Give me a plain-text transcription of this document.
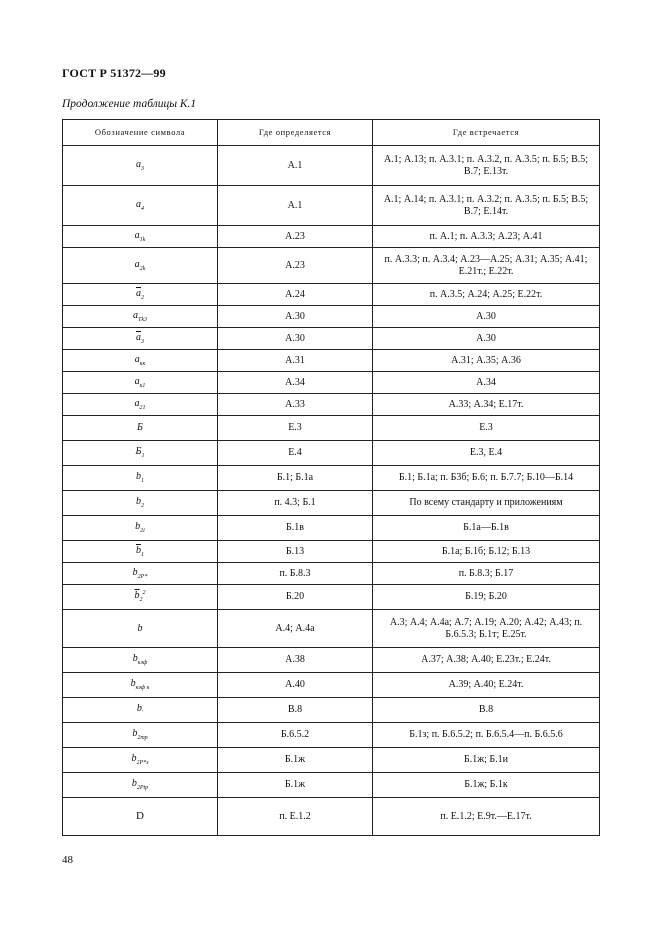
ГОСТ Р 51372—99
Продолжение таблицы К.1
Обозначение символа	Где определяется	Где встречается
$a_3$	А.1	А.1; А.13; п. А.3.1; п. А.3.2, п. А.3.5; п. Б.5; В.5; В.7; Е.13т.
$a_4$	А.1	А.1; А.14; п. А.3.1; п. А.3.2; п. А.3.5; п. Б.5; В.5; В.7; Е.14т.
$a_{1k}$	А.23	п. А.1; п. А.3.3; А.23; А.41
$a_{2k}$	А.23	п. А.3.3; п. А.3.4; А.23—А.25; А.31; А.35; А.41; Е.21т.; Е.22т.
$\overline{a}_2$	А.24	п. А.3.5; А.24; А.25; Е.22т.
$a_{Tk3}$	А.30	А.30
$\overline{a}_3$	А.30	А.30
$a_{кк}$	А.31	А.31; А.35; А.36
$a_{к1}$	А.34	А.34
$a_{21}$	А.33	А.33; А.34; Е.17т.
Б	Е.3	Е.3
$Б_1$	Е.4	Е.3, Е.4
$b_1$	Б.1; Б.1а	Б.1; Б.1а; п. Б3б; Б.6; п. Б.7.7; Б.10—Б.14
$b_2$	п. 4.3; Б.1	По всему стандарту и приложениям
$b_{2i}$	Б.1в	Б.1а—Б.1в
$\overline{b}_1$	Б.13	Б.1а; Б.1б; Б.12; Б.13
$b_{2P*}$	п. Б.8.3	п. Б.8.3; Б.17
$\overline{b}_2^2$	Б.20	Б.19; Б.20
b	А.4; А.4а	А.3; А.4; А.4а; А.7; А.19; А.20; А.42; А.43; п. Б.6.5.3; Б.1т; Е.25т.
$b_{кэф}$	А.38	А.37; А.38; А.40; Е.23т.; Е.24т.
$b_{кэф к}$	А.40	А.39; А.40; Е.24т.
$b'$	В.8	В.8
$b_{2тр}$	Б.6.5.2	Б.1з; п. Б.6.5.2; п. Б.6.5.4—п. Б.6.5.6
$b_{2P*з}$	Б.1ж	Б.1ж; Б.1и
$b_{2Ptр}$	Б.1ж	Б.1ж; Б.1к
D	п. Е.1.2	п. Е.1.2; Е.9т.—Е.17т.
48
